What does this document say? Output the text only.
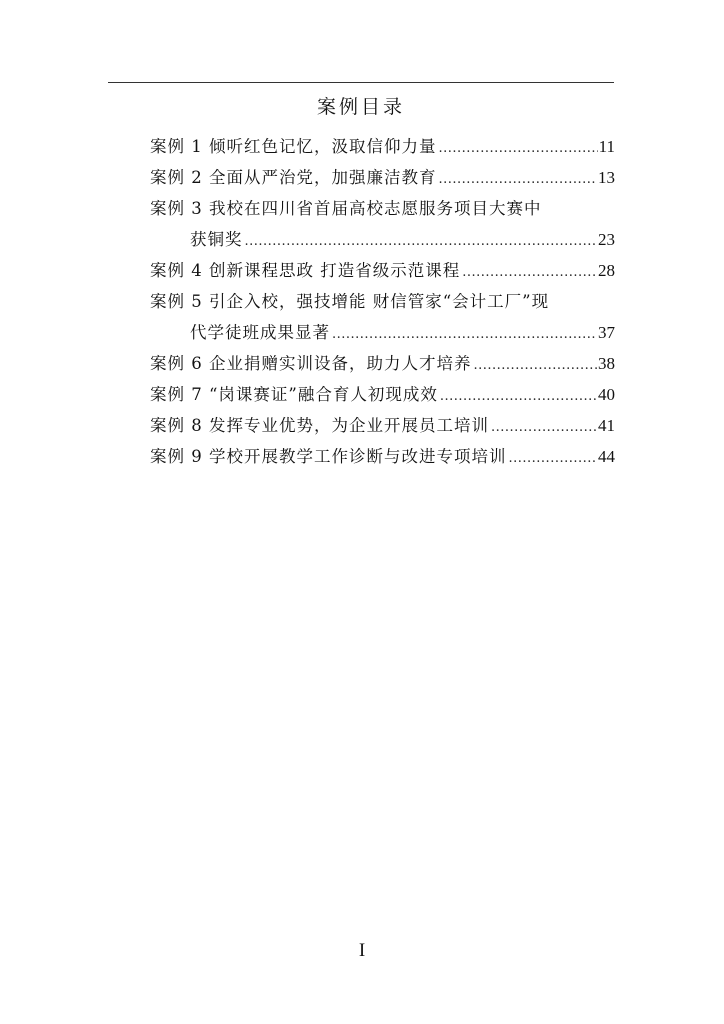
案例目录
案例 1 倾听红色记忆，汲取信仰力量 .....	11
案例 2 全面从严治党，加强廉洁教育 .....	13
案例 3 我校在四川省首届高校志愿服务项目大赛中
获铜奖 .....	23
案例 4 创新课程思政 打造省级示范课程 .....	28
案例 5 引企入校，强技增能 财信管家“会计工厂”现
代学徒班成果显著 .....	37
案例 6 企业捐赠实训设备，助力人才培养 .....	38
案例 7 “岗课赛证”融合育人初现成效 .....	40
案例 8 发挥专业优势，为企业开展员工培训 .....	41
案例 9 学校开展教学工作诊断与改进专项培训 .....	44
I
